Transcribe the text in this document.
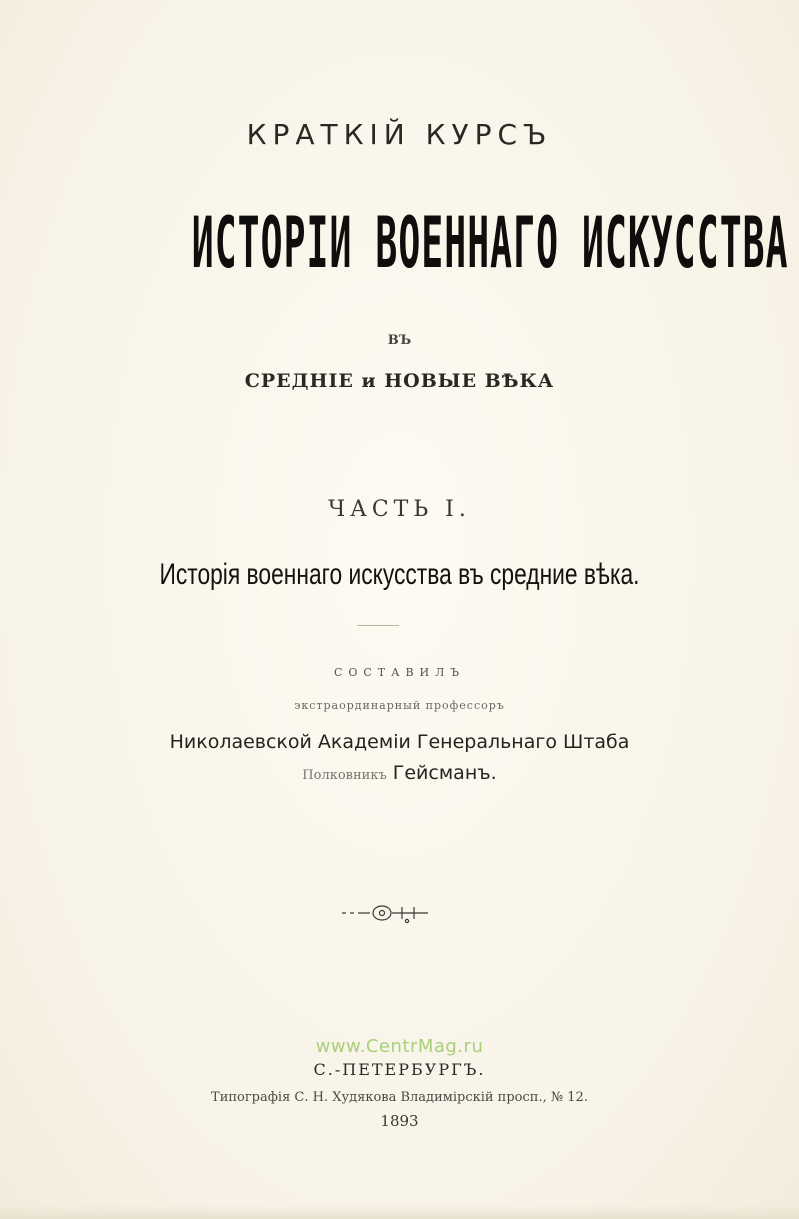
КРАТКIЙ КУРСЪ
ИСТОРIИ ВОЕННАГО ИСКУССТВА
ВЪ
СРЕДНIЕ и НОВЫЕ ВѢКА
ЧАСТЬ I.
Исторiя военнаго искусства въ средние вѣка.
СОСТАВИЛЪ
экстраординарный профессоръ
Николаевской Академiи Генеральнаго Штаба
Полковникъ Гейсманъ.
www.CentrMag.ru
С.-ПЕТЕРБУРГЪ.
Типографiя С. Н. Худякова Владимiрскiй просп., № 12.
1893
